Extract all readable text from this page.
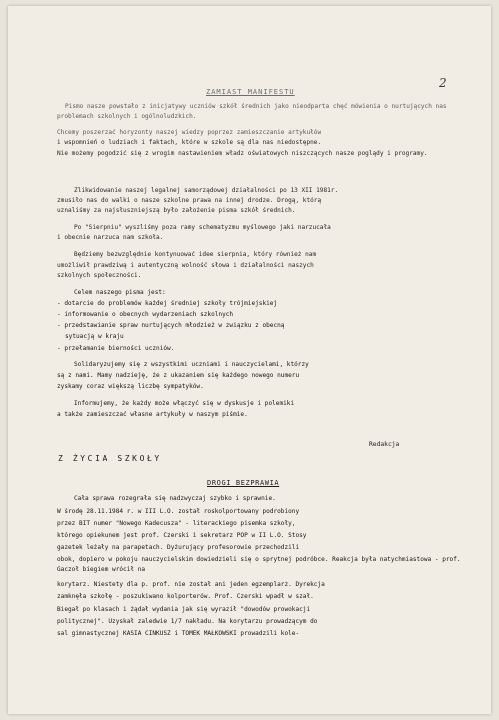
2
ZAMIAST MANIFESTU
Pismo nasze powstało z inicjatywy uczniów szkół średnich jako nieodparta chęć mówienia o nurtujących nas
Chcemy poszerzać horyzonty naszej wiedzy poprzez zamieszczanie artykułów
i wspomnień o ludziach i faktach, które w szkole są dla nas niedostępne.
Nie możemy pogodzić się z wrogim nastawieniem władz oświatowych niszczących nasze poglądy i programy.
Zlikwidowanie naszej legalnej samorządowej działalności po 13 XII 1981r.
zmusiło nas do walki o nasze szkolne prawa na innej drodze. Drogą, którą
uznaliśmy za najsłuszniejszą było założenie pisma szkół średnich.
Po "Sierpniu" wyszliśmy poza ramy schematyzmu myślowego jaki narzucała
i obecnie narzuca nam szkoła.
Będziemy bezwzględnie kontynuować idee sierpnia, który również nam
umożliwił prawdziwą i autentyczną wolność słowa i działalności naszych
szkolnych społeczności.
Celem naszego pisma jest:
- dotarcie do problemów każdej średniej szkoły trójmiejskiej
- informowanie o obecnych wydarzeniach szkolnych
- przedstawianie spraw nurtujących młodzież w związku z obecną
sytuacją w kraju
- przełamanie bierności uczniów.
Solidaryzujemy się z wszystkimi uczniami i nauczycielami, którzy
są z nami. Mamy nadzieję, że z ukazaniem się każdego nowego numeru
zyskamy coraz większą liczbę sympatyków.
Informujemy, że każdy może włączyć się w dyskusje i polemiki
a także zamieszczać własne artykuły w naszym piśmie.
Redakcja
Z ŻYCIA SZKOŁY
DROGI BEZPRAWIA
Cała sprawa rozegrała się nadzwyczaj szybko i sprawnie.
W środę 28.11.1984 r. w III L.O. został roskolportowany podrobiony
przez BIT numer "Nowego Kadecusza" - literackiego pisemka szkoły,
którego opiekunem jest prof. Czerski i sekretarz POP w II L.O. Stosy
gazetek leżały na parapetach. Dyżurujący profesorowie przechodzili
obok, dopiero w pokoju nauczycielskim dowiedzieli się o sprytnej podróbce. Reakcja była natychmiastowa - prof.
korytarz. Niestety dla p. prof. nie został ani jeden egzemplarz. Dyrekcja
zamknęła szkołę - poszukiwano kolporterów. Prof. Czerski wpadł w szał.
Biegał po klasach i żądał wydania jak się wyraził "dowodów prowokacji
politycznej". Uzyskał zaledwie 1/7 nakładu. Na korytarzu prowadzącym do
sal gimnastycznej KASIA CINKUSZ i TOMEK MAŁKOWSKI prowadzili kole-
problemach szkolnych i ogólnoludzkich.
Gaczoł biegiem wrócił na
